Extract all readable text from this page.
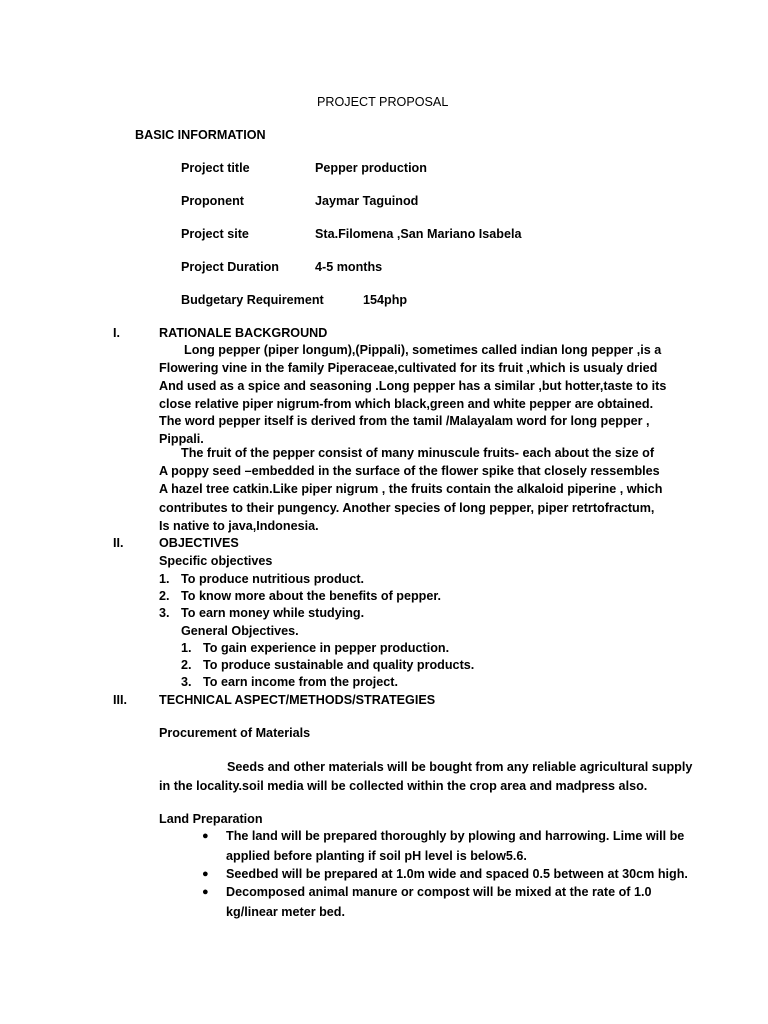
PROJECT PROPOSAL
BASIC INFORMATION
Project title	Pepper production
Proponent	Jaymar Taguinod
Project site	Sta.Filomena ,San Mariano Isabela
Project Duration	4-5 months
Budgetary Requirement	154php
I.	RATIONALE BACKGROUND
Long pepper (piper longum),(Pippali), sometimes called indian long pepper ,is a
Flowering vine in the family Piperaceae,cultivated for its fruit ,which is usualy dried
And used as a spice and seasoning .Long pepper has a similar ,but hotter,taste to its
close relative piper nigrum-from which black,green and white pepper are obtained.
The word pepper itself is derived from the tamil /Malayalam word for long pepper ,
Pippali.
The fruit of the pepper consist of many minuscule fruits- each about the size of
A poppy seed –embedded in the surface of the flower spike that closely ressembles
A hazel tree catkin.Like piper nigrum , the fruits contain the alkaloid piperine , which
contributes to their pungency. Another species of long pepper, piper retrtofractum,
Is native to java,Indonesia.
II.	OBJECTIVES
Specific objectives
1. To produce nutritious product.
2. To know more about the benefits of pepper.
3. To earn money while studying.
General Objectives.
1. To gain experience in pepper production.
2. To produce sustainable and quality products.
3. To earn income from the project.
III.	TECHNICAL ASPECT/METHODS/STRATEGIES
Procurement of Materials
Seeds and other materials will be bought from any reliable agricultural supply
in the locality.soil media will be collected within the crop area and madpress also.
Land Preparation
● The land will be prepared thoroughly by plowing and harrowing. Lime will be
applied before planting if soil pH level is below5.6.
● Seedbed will be prepared at 1.0m wide and spaced 0.5 between at 30cm high.
● Decomposed animal manure or compost will be mixed at the rate of 1.0
kg/linear meter bed.
